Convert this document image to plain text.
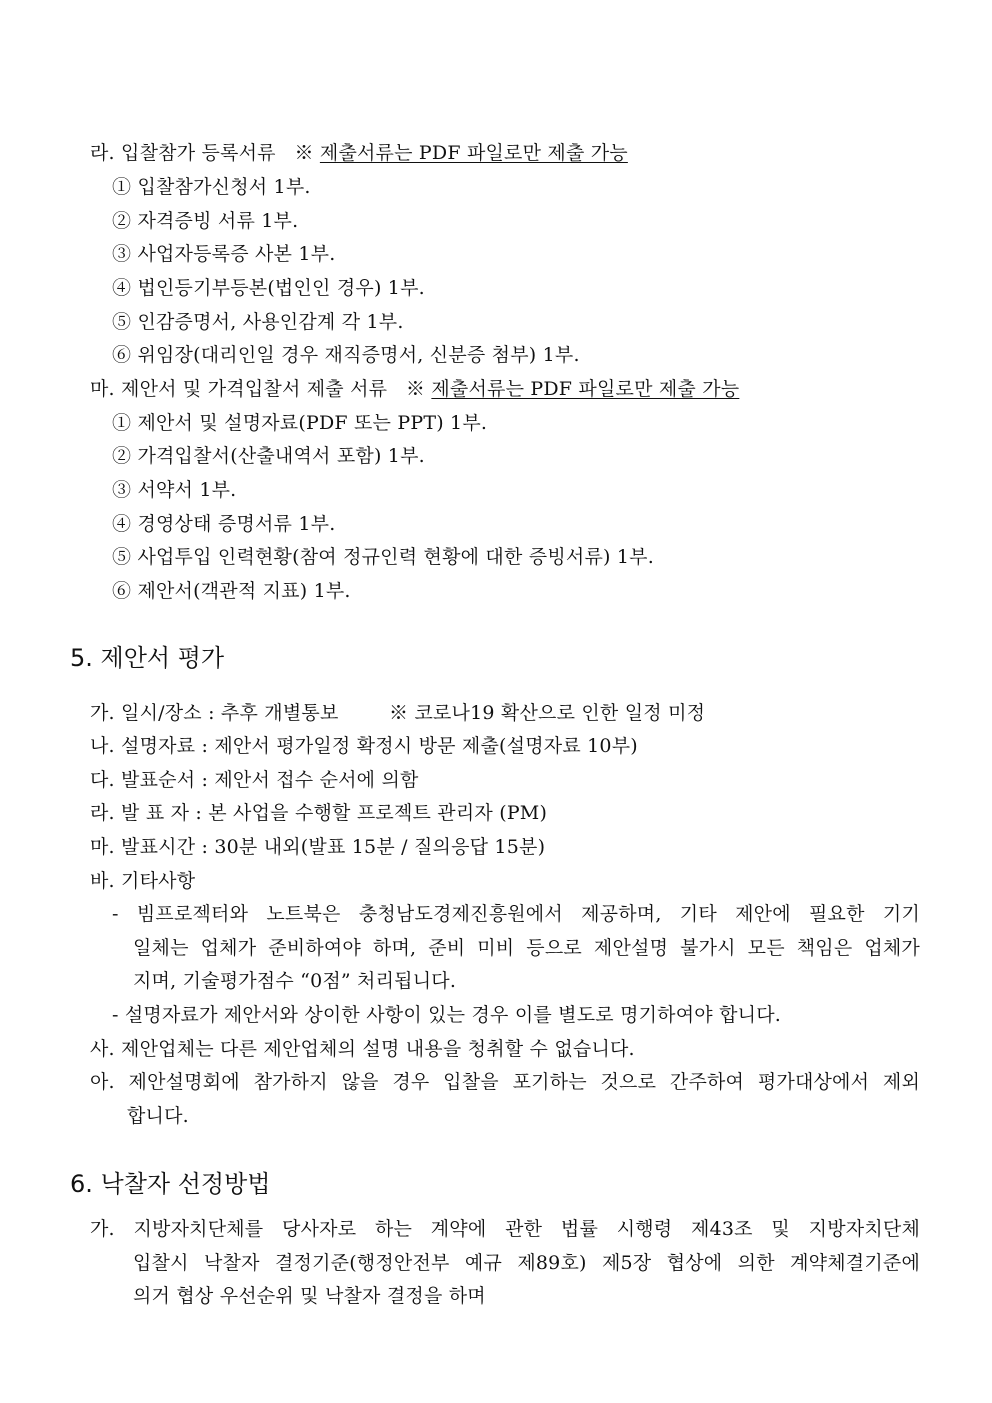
라. 입찰참가 등록서류 ※ 제출서류는 PDF 파일로만 제출 가능
① 입찰참가신청서 1부.
② 자격증빙 서류 1부.
③ 사업자등록증 사본 1부.
④ 법인등기부등본(법인인 경우) 1부.
⑤ 인감증명서, 사용인감계 각 1부.
⑥ 위임장(대리인일 경우 재직증명서, 신분증 첨부) 1부.
마. 제안서 및 가격입찰서 제출 서류 ※ 제출서류는 PDF 파일로만 제출 가능
① 제안서 및 설명자료(PDF 또는 PPT) 1부.
② 가격입찰서(산출내역서 포함) 1부.
③ 서약서 1부.
④ 경영상태 증명서류 1부.
⑤ 사업투입 인력현황(참여 정규인력 현황에 대한 증빙서류) 1부.
⑥ 제안서(객관적 지표) 1부.
5. 제안서 평가
가. 일시/장소 : 추후 개별통보	※ 코로나19 확산으로 인한 일정 미정
나. 설명자료 : 제안서 평가일정 확정시 방문 제출(설명자료 10부)
다. 발표순서 : 제안서 접수 순서에 의함
라. 발 표 자 : 본 사업을 수행할 프로젝트 관리자 (PM)
마. 발표시간 : 30분 내외(발표 15분 / 질의응답 15분)
바. 기타사항
- 빔프로젝터와 노트북은 충청남도경제진흥원에서 제공하며, 기타 제안에 필요한 기기
일체는 업체가 준비하여야 하며, 준비 미비 등으로 제안설명 불가시 모든 책임은 업체가
지며, 기술평가점수 “0점” 처리됩니다.
- 설명자료가 제안서와 상이한 사항이 있는 경우 이를 별도로 명기하여야 합니다.
사. 제안업체는 다른 제안업체의 설명 내용을 청취할 수 없습니다.
아. 제안설명회에 참가하지 않을 경우 입찰을 포기하는 것으로 간주하여 평가대상에서 제외
합니다.
6. 낙찰자 선정방법
가. 지방자치단체를 당사자로 하는 계약에 관한 법률 시행령 제43조 및 지방자치단체
입찰시 낙찰자 결정기준(행정안전부 예규 제89호) 제5장 협상에 의한 계약체결기준에
의거 협상 우선순위 및 낙찰자 결정을 하며
